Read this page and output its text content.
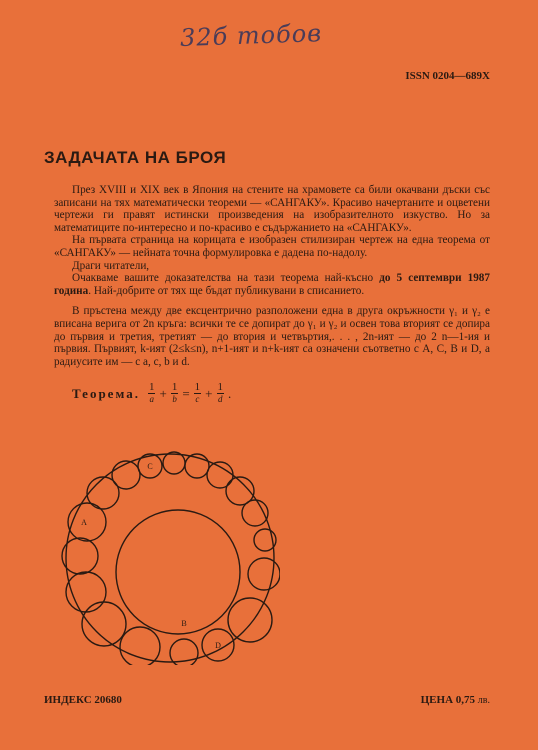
32б тобов
ISSN 0204—689X
ЗАДАЧАТА НА БРОЯ

През XVIII и XIX век в Япония на стените на храмовете са били окачвани дъски със записани на тях математически теореми — «САНГАКУ». Красиво начертаните и оцветени чертежи ги правят истински произведения на изобразителното изкуство. Но за математиците по-интересно и по-красиво е съдържанието на «САНГАКУ».

На първата страница на корицата е изобразен стилизиран чертеж на една теорема от «САНГАКУ» — нейната точна формулировка е дадена по-надолу.

Драги читатели,

Очакваме вашите доказателства на тази теорема най-късно до 5 септември 1987 година. Най-добрите от тях ще бъдат публикувани в списанието.

В пръстена между две ексцентрично разположени една в друга окръжности γ₁ и γ₂ е вписана верига от 2n кръга: всички те се допират до γ₁ и γ₂ и освен това вторият се допира до първия и третия, третият — до втория и четвъртия,. . . , 2n-ият — до 2 n—1-ия и първия. Първият, k-ият (2≤k≤n), n+1-ият и n+k-ият са означени съответно с A, C, B и D, а радиусите им — с a, c, b и d.

Теорема. $\frac{1}{a} + \frac{1}{b} = \frac{1}{c} + \frac{1}{d}$ .
A
C
B
D
ИНДЕКС 20680	ЦЕНА 0,75 лв.
